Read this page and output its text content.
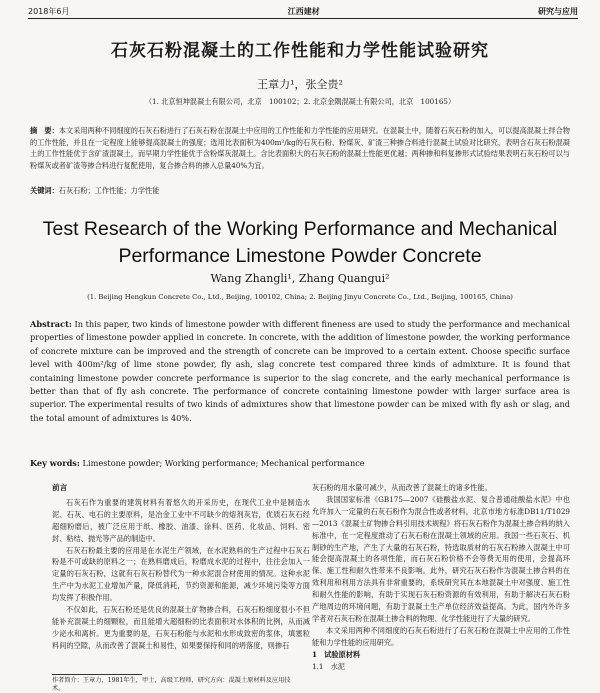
2018年6月	江西建材	研究与应用
石灰石粉混凝土的工作性能和力学性能试验研究
王章力¹，张全贵²
（1. 北京恒坤混凝土有限公司，北京　100102；2. 北京金隅混凝土有限公司，北京　100165）
摘　要：本文采用两种不同细度的石灰石粉进行了石灰石粉在混凝土中应用的工作性能和力学性能的应用研究。在混凝土中，随着石灰石粉的加入，可以提高混凝土拌合物的工作性能，并且在一定程度上能够提高混凝土的强度；选用比表面积为400m²/kg的石灰石粉、粉煤灰、矿渣三种掺合料进行混凝土试验对比研究，表明含石灰石粉混凝土的工作性能优于含矿渣混凝土，而早期力学性能优于含粉煤灰混凝土。含比表面积大的石灰石粉的混凝土性能更优越；两种掺和料复掺形式试验结果表明石灰石粉可以与粉煤灰或者矿渣等掺合料进行复配使用，复合掺合料的掺入总量40%为宜。
关键词：石灰石粉；工作性能；力学性能
Test Research of the Working Performance and Mechanical Performance Limestone Powder Concrete
Wang Zhangli¹, Zhang Quangui²
(1. Beijing Hengkun Concrete Co., Ltd., Beijing, 100102, China; 2. Beijing Jinyu Concrete Co., Ltd., Beijing, 100165, China)
Abstract: In this paper, two kinds of limestone powder with different fineness are used to study the performance and mechanical properties of limestone powder applied in concrete. In concrete, with the addition of limestone powder, the working performance of concrete mixture can be improved and the strength of concrete can be improved to a certain extent. Choose specific surface level with 400m²/kg of lime stone powder, fly ash, slag concrete test compared three kinds of admixture. It is found that containing limestone powder concrete performance is superior to the slag concrete, and the early mechanical performance is better than that of fly ash concrete. The performance of concrete containing limestone powder with larger surface area is superior. The experimental results of two kinds of admixtures show that limestone powder can be mixed with fly ash or slag, and the total amount of admixtures is 40%.
Key words: Limestone powder; Working performance; Mechanical performance
前言

石灰石作为重要的建筑材料有着悠久的开采历史，在现代工业中是制造水泥、石灰、电石的主要原料，是冶金工业中不可缺少的熔剂灰岩，优质石灰石经超细粉磨后，被广泛应用于纸、橡胶、油漆、涂料、医药、化妆品、饲料、密封、粘结、抛光等产品的制造中。

石灰石粉最主要的应用是在水泥生产领域，在水泥熟料的生产过程中石灰石粉是不可或缺的原料之一；在熟料磨成后，粉磨成水泥的过程中，往往会加入一定量的石灰石粉，这就有石灰石粉替代为一种水泥混合材使用的情况。这种水泥生产中为水泥工业增加产量，降低消耗，节约资源和能源，减少环境污染等方面均发挥了积极作用。

不仅如此，石灰石粉还是优良的混凝土矿物掺合料，石灰石粉细度很小不但能补充混凝土的细颗粒，而且能增大超细粉的比表面积对水体积的比例，从而减少泌水和离析。更为重要的是，石灰石粉能与水泥和水形成致密的浆体，填塞粒料间的空隙，从而改善了混凝土和易性，如果要保持和同的坍落度，则掺石

灰石粉的用水量可减少，从而改善了混凝土的诸多性能。

我国国家标准《GB175—2007《硅酸盐水泥、复合普通硅酸盐水泥》中也允许加入一定量的石灰石粉作为混合性或者材料，北京市地方标准DB11/T1029—2013《混凝土矿物掺合料引用技术规程》将石灰石粉作为混凝土掺合料的纳入标准中，在一定程度推动了石灰石粉在混凝土领域的应用。我国一些石灰石、机制砂的生产地，产生了大量的石灰石粉，特选取质材的石灰石粉掺入混凝土中可能会提高混凝土的各项性能，而石灰石粉价格不会等费无用的使用，会提高环保、施工性和耐久性带来不良影响。此外，研究石灰石粉作为混凝土掺合料的在效利用和利用方法具有非常重要的，系统研究其在本地混凝土中对强度、施工性和耐久性能的影响，有助于实现石灰石粉资源的有效利用，有助于解决石灰石粉产地周边的环境问题，有助于混凝土生产单位经济效益提高。为此，国内外许多学者对石灰石粉在混凝土掺合料的物理、化学性能进行了大量的研究。

本文采用两种不同细度的石灰石粉进行了石灰石粉在混凝土中应用的工作性能和力学性能的应用研究。

1　试验原材料
1.1　水泥
作者简介：王章力，1981年生，甲士，高级工程师，研究方向：混凝土原材料及应用技术。
